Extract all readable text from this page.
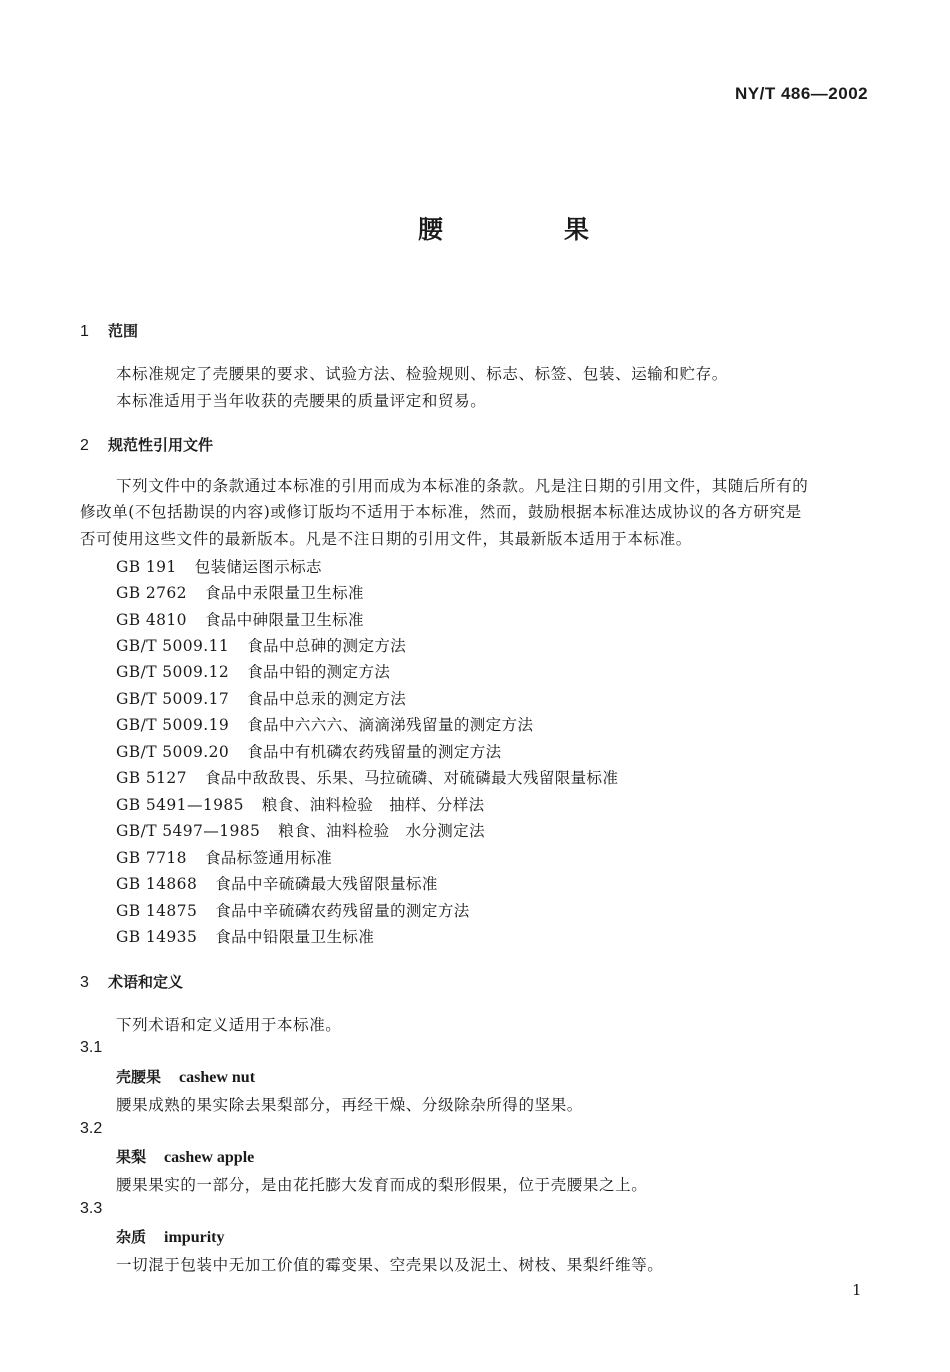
NY/T 486—2002
腰　果
1 范围
本标准规定了壳腰果的要求、试验方法、检验规则、标志、标签、包装、运输和贮存。
本标准适用于当年收获的壳腰果的质量评定和贸易。
2 规范性引用文件
下列文件中的条款通过本标准的引用而成为本标准的条款。凡是注日期的引用文件，其随后所有的
修改单(不包括勘误的内容)或修订版均不适用于本标准，然而，鼓励根据本标准达成协议的各方研究是
否可使用这些文件的最新版本。凡是不注日期的引用文件，其最新版本适用于本标准。
GB 191 包装储运图示标志
GB 2762 食品中汞限量卫生标准
GB 4810 食品中砷限量卫生标准
GB/T 5009.11 食品中总砷的测定方法
GB/T 5009.12 食品中铅的测定方法
GB/T 5009.17 食品中总汞的测定方法
GB/T 5009.19 食品中六六六、滴滴涕残留量的测定方法
GB/T 5009.20 食品中有机磷农药残留量的测定方法
GB 5127 食品中敌敌畏、乐果、马拉硫磷、对硫磷最大残留限量标准
GB 5491—1985 粮食、油料检验　抽样、分样法
GB/T 5497—1985 粮食、油料检验　水分测定法
GB 7718 食品标签通用标准
GB 14868 食品中辛硫磷最大残留限量标准
GB 14875 食品中辛硫磷农药残留量的测定方法
GB 14935 食品中铅限量卫生标准
3 术语和定义
下列术语和定义适用于本标准。
3.1
壳腰果 cashew nut
腰果成熟的果实除去果梨部分，再经干燥、分级除杂所得的坚果。
3.2
果梨 cashew apple
腰果果实的一部分，是由花托膨大发育而成的梨形假果，位于壳腰果之上。
3.3
杂质 impurity
一切混于包装中无加工价值的霉变果、空壳果以及泥土、树枝、果梨纤维等。
1
